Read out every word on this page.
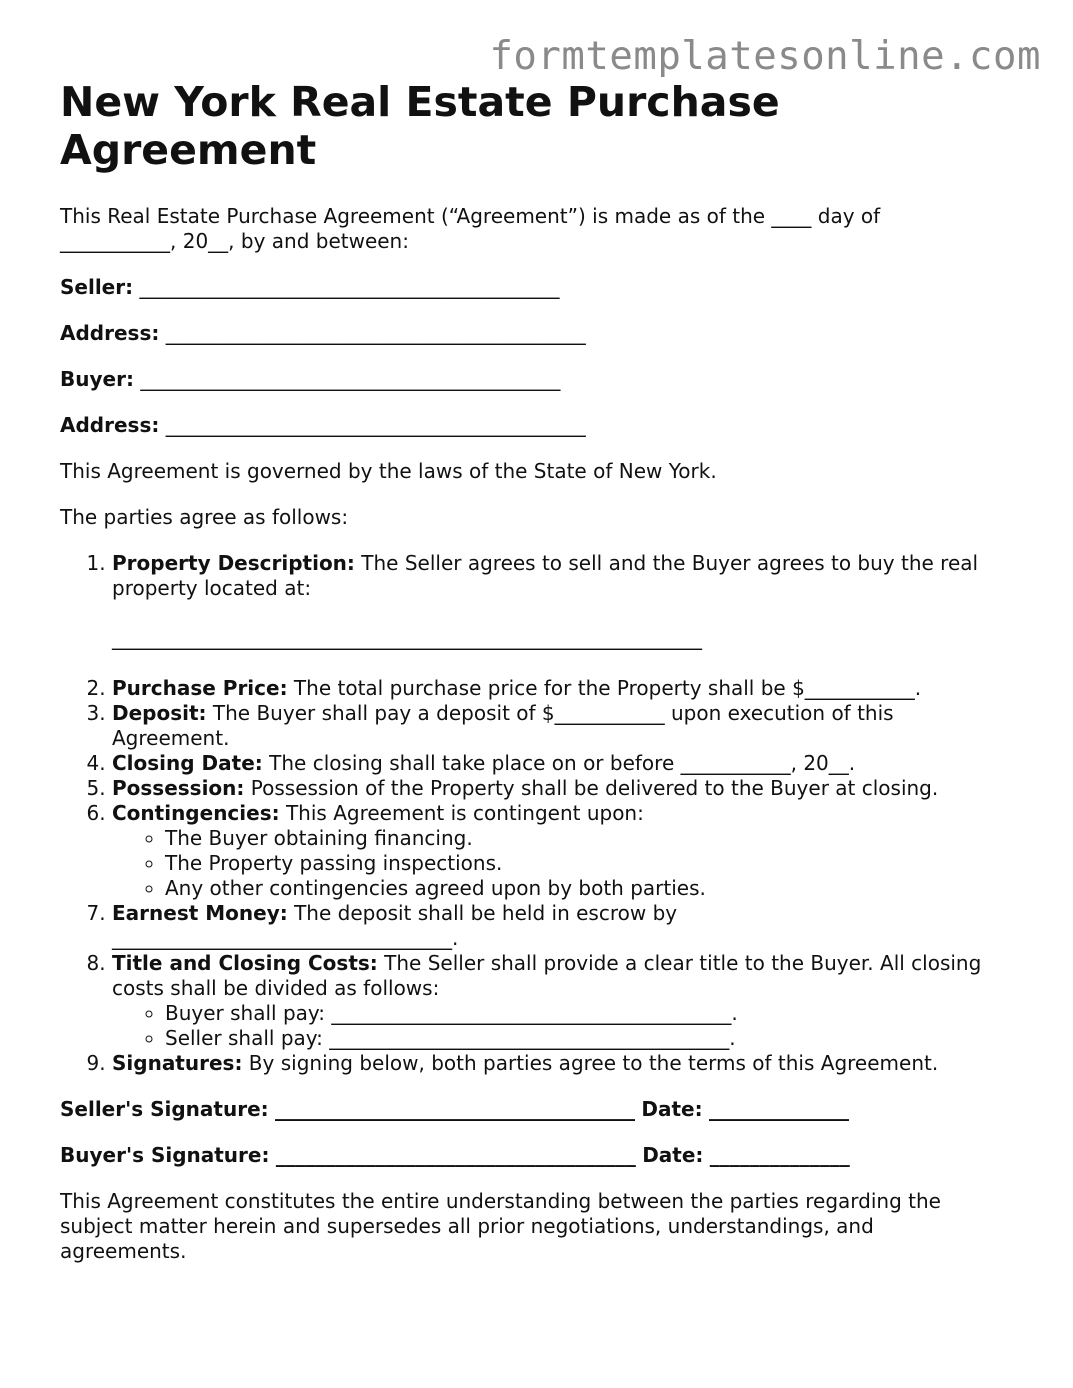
formtemplatesonline.com
New York Real Estate Purchase Agreement

This Real Estate Purchase Agreement (“Agreement”) is made as of the ____ day of ___________, 20__, by and between:

Seller: __________________________________________

Address: __________________________________________

Buyer: __________________________________________

Address: __________________________________________

This Agreement is governed by the laws of the State of New York.

The parties agree as follows:

1. Property Description: The Seller agrees to sell and the Buyer agrees to buy the real property located at:
___________________________________________________________
2. Purchase Price: The total purchase price for the Property shall be $___________.
3. Deposit: The Buyer shall pay a deposit of $___________ upon execution of this Agreement.
4. Closing Date: The closing shall take place on or before ___________, 20__.
5. Possession: Possession of the Property shall be delivered to the Buyer at closing.
6. Contingencies: This Agreement is contingent upon:
◦ The Buyer obtaining financing.
◦ The Property passing inspections.
◦ Any other contingencies agreed upon by both parties.
7. Earnest Money: The deposit shall be held in escrow by __________________________________.
8. Title and Closing Costs: The Seller shall provide a clear title to the Buyer. All closing costs shall be divided as follows:
◦ Buyer shall pay: ________________________________________.
◦ Seller shall pay: ________________________________________.
9. Signatures: By signing below, both parties agree to the terms of this Agreement.

Seller's Signature: ____________________________________ Date: ______________

Buyer's Signature: ____________________________________ Date: ______________

This Agreement constitutes the entire understanding between the parties regarding the subject matter herein and supersedes all prior negotiations, understandings, and agreements.
